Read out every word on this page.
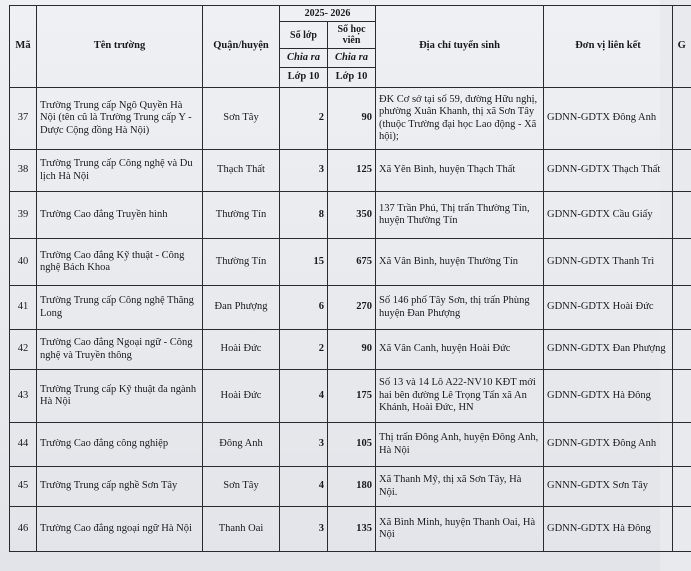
Mã	Tên trường	Quận/huyện	2025- 2026		Địa chỉ tuyển sinh	Đơn vị liên kết	G
			Số lớp	Số học viên			
			Chia ra	Chia ra			
			Lớp 10	Lớp 10			
37	Trường Trung cấp Ngô Quyền Hà Nội (tên cũ là Trường Trung cấp Y - Dược Cộng đồng Hà Nội)	Sơn Tây	2	90	ĐK Cơ sở tại số 59, đường Hữu nghị, phường Xuân Khanh, thị xã Sơn Tây (thuộc Trường đại học Lao động - Xã hội);	GDNN-GDTX Đông Anh	
38	Trường Trung cấp Công nghệ và Du lịch Hà Nội	Thạch Thất	3	125	Xã Yên Bình, huyện Thạch Thất	GDNN-GDTX Thạch Thất	
39	Trường Cao đẳng Truyền hình	Thường Tín	8	350	137 Trần Phú, Thị trấn Thường Tín, huyện Thường Tín	GDNN-GDTX Cầu Giấy	
40	Trường Cao đẳng Kỹ thuật - Công nghệ Bách Khoa	Thường Tín	15	675	Xã Vân Bình, huyện Thường Tín	GDNN-GDTX Thanh Trì	
41	Trường Trung cấp Công nghệ Thăng Long	Đan Phượng	6	270	Số 146 phố Tây Sơn, thị trấn Phùng huyện Đan Phượng	GDNN-GDTX Hoài Đức	
42	Trường Cao đẳng Ngoại ngữ - Công nghệ và Truyền thông	Hoài Đức	2	90	Xã Vân Canh, huyện Hoài Đức	GDNN-GDTX Đan Phượng	
43	Trường Trung cấp Kỹ thuật đa ngành Hà Nội	Hoài Đức	4	175	Số 13 và 14 Lô A22-NV10 KĐT mới hai bên đường Lê Trọng Tấn xã An Khánh, Hoài Đức, HN	GDNN-GDTX Hà Đông	
44	Trường Cao đẳng công nghiệp	Đông Anh	3	105	Thị trấn Đông Anh, huyện Đông Anh, Hà Nội	GDNN-GDTX Đông Anh	
45	Trường Trung cấp nghề Sơn Tây	Sơn Tây	4	180	Xã Thanh Mỹ, thị xã Sơn Tây, Hà Nội.	GNNN-GDTX Sơn Tây	
46	Trường Cao đẳng ngoại ngữ Hà Nội	Thanh Oai	3	135	Xã Bình Minh, huyện Thanh Oai, Hà Nội	GDNN-GDTX Hà Đông	
